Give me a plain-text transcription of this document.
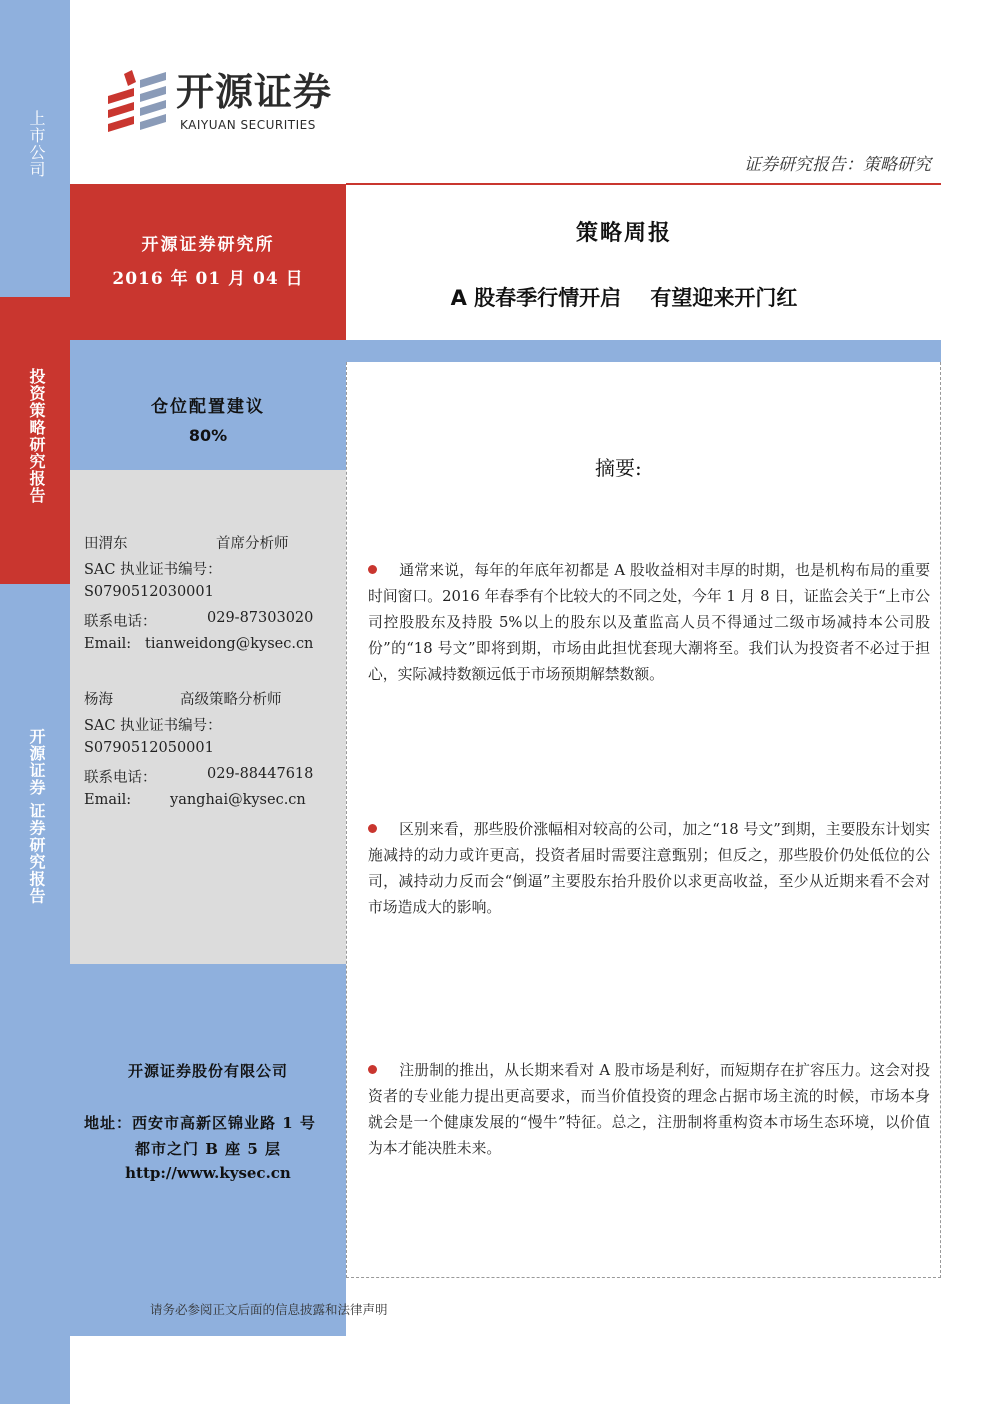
上市公司
投资策略研究报告
开源证券 证券研究报告
开源证券
KAIYUAN SECURITIES
证券研究报告：策略研究
开源证券研究所
2016 年 01 月 04 日
策略周报
A 股春季行情开启    有望迎来开门红
仓位配置建议
80%
田渭东	首席分析师
SAC 执业证书编号：
S0790512030001
联系电话：	029-87303020
Email: tianweidong@kysec.cn
杨海	高级策略分析师
SAC 执业证书编号：
S0790512050001
联系电话：	029-88447618
Email:	yanghai@kysec.cn
开源证券股份有限公司
地址：西安市高新区锦业路 1 号
都市之门 B 座 5 层
http://www.kysec.cn
摘要:
通常来说，每年的年底年初都是 A 股收益相对丰厚的时期，也是机构布局的重要时间窗口。2016 年春季有个比较大的不同之处，今年 1 月 8 日，证监会关于“上市公司控股股东及持股 5%以上的股东以及董监高人员不得通过二级市场减持本公司股份”的“18 号文”即将到期，市场由此担忧套现大潮将至。我们认为投资者不必过于担心，实际减持数额远低于市场预期解禁数额。
区别来看，那些股价涨幅相对较高的公司，加之“18 号文”到期，主要股东计划实施减持的动力或许更高，投资者届时需要注意甄别；但反之，那些股价仍处低位的公司，减持动力反而会“倒逼”主要股东抬升股价以求更高收益，至少从近期来看不会对市场造成大的影响。
注册制的推出，从长期来看对 A 股市场是利好，而短期存在扩容压力。这会对投资者的专业能力提出更高要求，而当价值投资的理念占据市场主流的时候，市场本身就会是一个健康发展的“慢牛”特征。总之，注册制将重构资本市场生态环境，以价值为本才能决胜未来。
请务必参阅正文后面的信息披露和法律声明
